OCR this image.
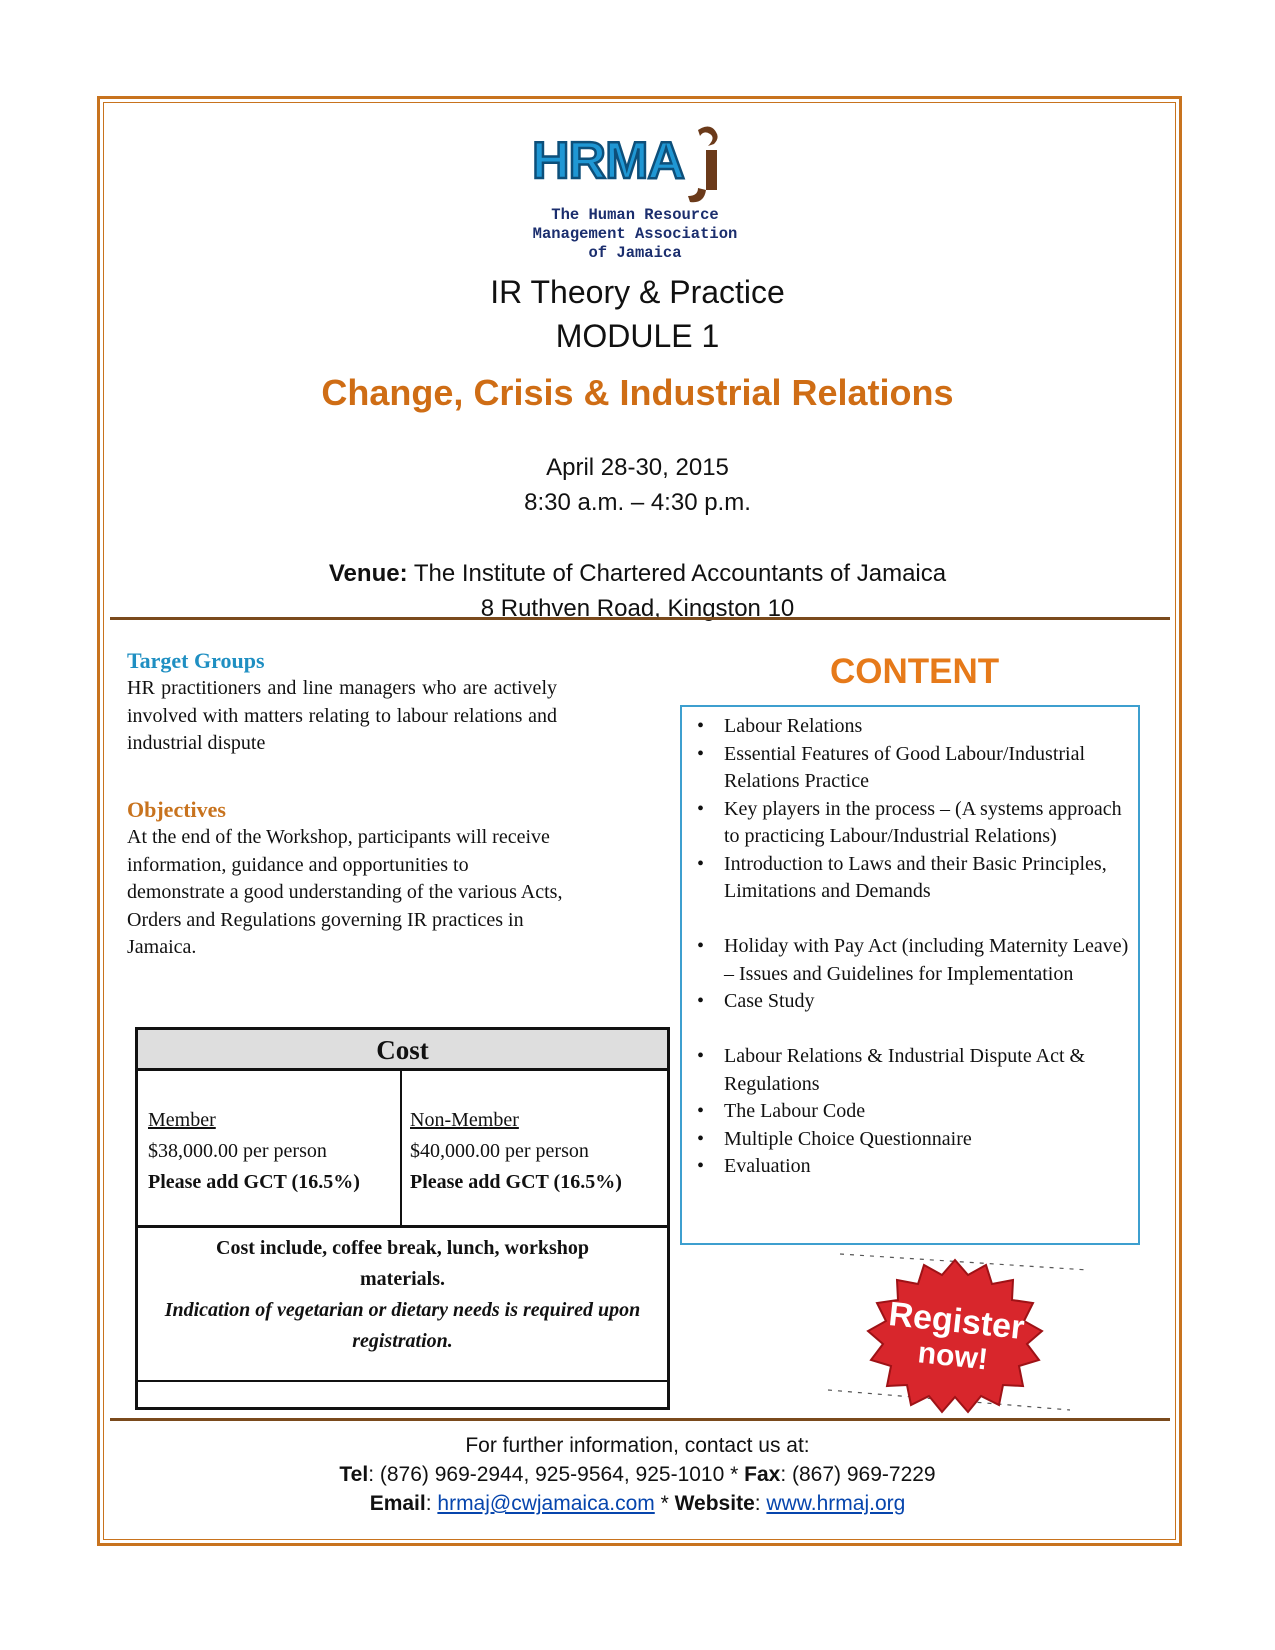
HRMA
The Human Resource
Management Association
of Jamaica
IR Theory & Practice
MODULE 1
Change, Crisis & Industrial Relations
April 28-30, 2015
8:30 a.m. – 4:30 p.m.
Venue: The Institute of Chartered Accountants of Jamaica
8 Ruthven Road, Kingston 10
Target Groups
HR practitioners and line managers who are actively involved with matters relating to labour relations and industrial dispute
Objectives
At the end of the Workshop, participants will receive information, guidance and opportunities to demonstrate a good understanding of the various Acts, Orders and Regulations governing IR practices in Jamaica.
CONTENT
• Labour Relations
• Essential Features of Good Labour/Industrial Relations Practice
• Key players in the process – (A systems approach to practicing Labour/Industrial Relations)
• Introduction to Laws and their Basic Principles, Limitations and Demands
• Holiday with Pay Act (including Maternity Leave) – Issues and Guidelines for Implementation
• Case Study
• Labour Relations & Industrial Dispute Act & Regulations
• The Labour Code
• Multiple Choice Questionnaire
• Evaluation
Cost
Member
$38,000.00 per person
Please add GCT (16.5%)
Non-Member
$40,000.00 per person
Please add GCT (16.5%)
Cost include, coffee break, lunch, workshop materials.
Indication of vegetarian or dietary needs is required upon registration.	Register
now!
For further information, contact us at:
Tel: (876) 969-2944, 925-9564, 925-1010 * Fax: (867) 969-7229
Email: hrmaj@cwjamaica.com * Website: www.hrmaj.org
